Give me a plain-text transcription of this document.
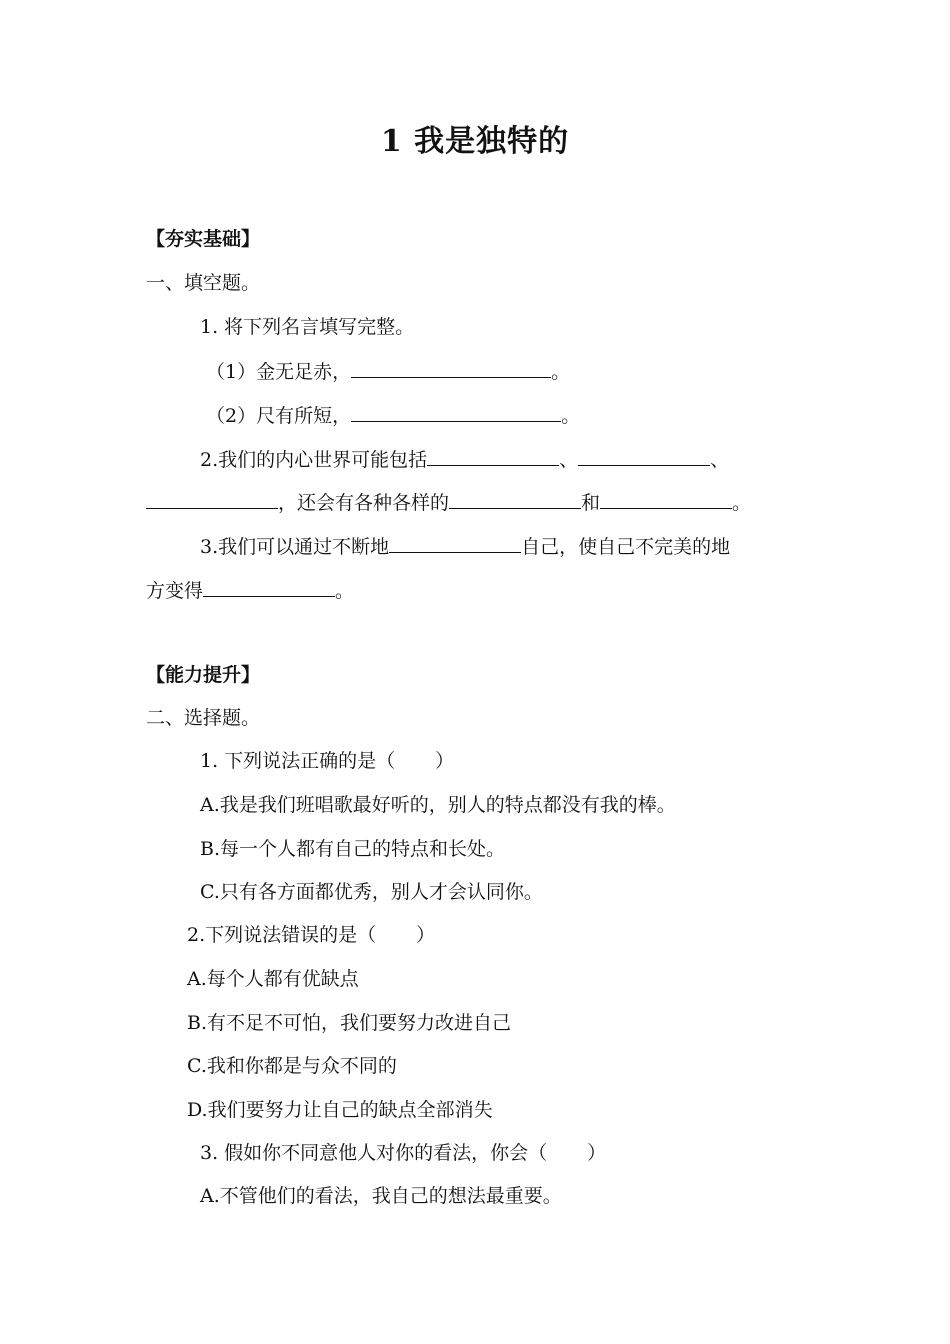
1 我是独特的
【夯实基础】
一、填空题。
1. 将下列名言填写完整。
（1）金无足赤，	。
（2）尺有所短，	。
2.我们的内心世界可能包括	、	、
，还会有各种各样的	和	。
3.我们可以通过不断地	自己，使自己不完美的地
方变得	。
【能力提升】
二、选择题。
1. 下列说法正确的是（ ）
A.我是我们班唱歌最好听的，别人的特点都没有我的棒。
B.每一个人都有自己的特点和长处。
C.只有各方面都优秀，别人才会认同你。
2.下列说法错误的是（ ）
A.每个人都有优缺点
B.有不足不可怕，我们要努力改进自己
C.我和你都是与众不同的
D.我们要努力让自己的缺点全部消失
3. 假如你不同意他人对你的看法，你会（ ）
A.不管他们的看法，我自己的想法最重要。
